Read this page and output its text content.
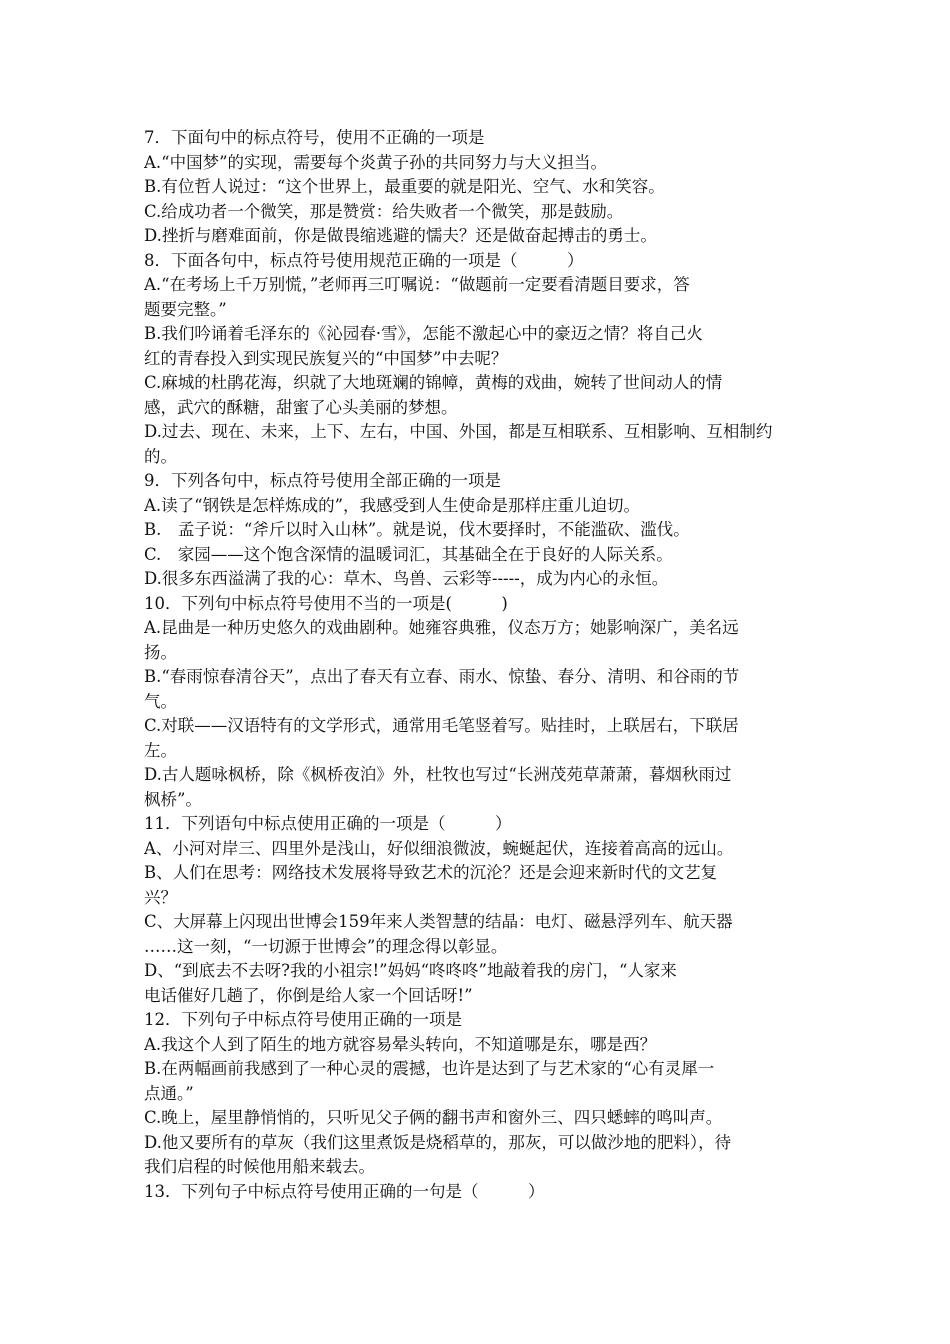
7．下面句中的标点符号，使用不正确的一项是
A.“中国梦”的实现，需要每个炎黄子孙的共同努力与大义担当。
B.有位哲人说过：“这个世界上，最重要的就是阳光、空气、水和笑容。
C.给成功者一个微笑，那是赞赏：给失败者一个微笑，那是鼓励。
D.挫折与磨难面前，你是做畏缩逃避的懦夫？还是做奋起搏击的勇士。
8．下面各句中，标点符号使用规范正确的一项是（　　　）
A.“在考场上千万别慌，”老师再三叮嘱说：“做题前一定要看清题目要求，答
题要完整。”
B.我们吟诵着毛泽东的《沁园春·雪》，怎能不激起心中的豪迈之情？将自己火
红的青春投入到实现民族复兴的“中国梦”中去呢？
C.麻城的杜鹃花海，织就了大地斑斓的锦幛，黄梅的戏曲，婉转了世间动人的情
感，武穴的酥糖，甜蜜了心头美丽的梦想。
D.过去、现在、未来，上下、左右，中国、外国，都是互相联系、互相影响、互相制约
的。
9．下列各句中，标点符号使用全部正确的一项是
A.读了“钢铁是怎样炼成的”，我感受到人生使命是那样庄重儿迫切。
B.　孟子说：“斧斤以时入山林”。就是说，伐木要择时，不能滥砍、滥伐。
C.　家园——这个饱含深情的温暖词汇，其基础全在于良好的人际关系。
D.很多东西溢满了我的心：草木、鸟兽、云彩等-----，成为内心的永恒。
10．下列句中标点符号使用不当的一项是(　　　)
A.昆曲是一种历史悠久的戏曲剧种。她雍容典雅，仪态万方；她影响深广，美名远
扬。
B.“春雨惊春清谷天”，点出了春天有立春、雨水、惊蛰、春分、清明、和谷雨的节
气。
C.对联——汉语特有的文学形式，通常用毛笔竖着写。贴挂时，上联居右，下联居
左。
D.古人题咏枫桥，除《枫桥夜泊》外，杜牧也写过“长洲茂苑草萧萧，暮烟秋雨过
枫桥”。
11．下列语句中标点使用正确的一项是（　　　）
A、小河对岸三、四里外是浅山，好似细浪微波，蜿蜒起伏，连接着高高的远山。
B、人们在思考：网络技术发展将导致艺术的沉沦？还是会迎来新时代的文艺复
兴？
C、大屏幕上闪现出世博会159年来人类智慧的结晶：电灯、磁悬浮列车、航天器
……这一刻，“一切源于世博会”的理念得以彰显。
D、“到底去不去呀?我的小祖宗!”妈妈“咚咚咚”地敲着我的房门，“人家来
电话催好几趟了，你倒是给人家一个回话呀!”
12．下列句子中标点符号使用正确的一项是
A.我这个人到了陌生的地方就容易晕头转向，不知道哪是东，哪是西？
B.在两幅画前我感到了一种心灵的震撼，也许是达到了与艺术家的“心有灵犀一
点通。”
C.晚上，屋里静悄悄的，只听见父子俩的翻书声和窗外三、四只蟋蟀的鸣叫声。
D.他又要所有的草灰（我们这里煮饭是烧稻草的，那灰，可以做沙地的肥料），待
我们启程的时候他用船来载去。
13．下列句子中标点符号使用正确的一句是（　　　）
